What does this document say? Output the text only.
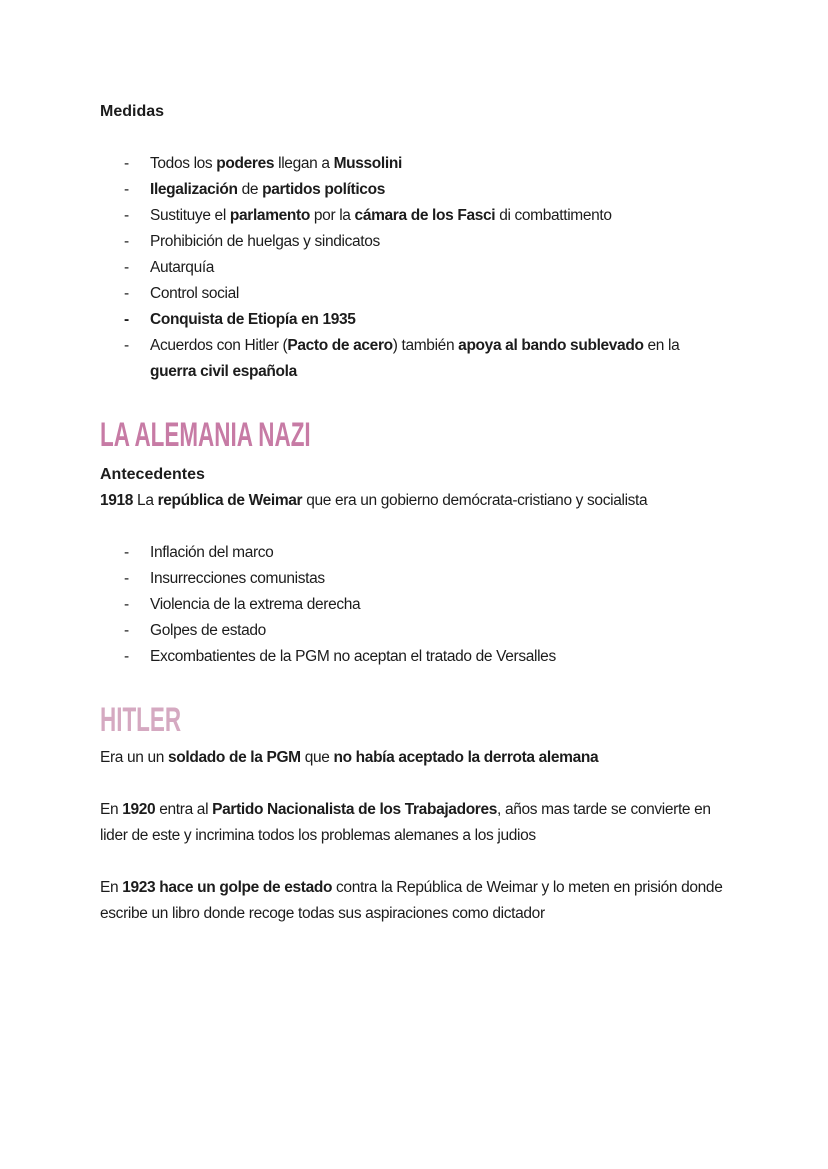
Medidas
- Todos los poderes llegan a Mussolini
- Ilegalización de partidos políticos
- Sustituye el parlamento por la cámara de los Fasci di combattimento
- Prohibición de huelgas y sindicatos
- Autarquía
- Control social
- Conquista de Etiopía en 1935
- Acuerdos con Hitler (Pacto de acero) también apoya al bando sublevado en la guerra civil española
LA ALEMANIA NAZI
Antecedentes

1918 La república de Weimar que era un gobierno demócrata-cristiano y socialista

- Inflación del marco
- Insurrecciones comunistas
- Violencia de la extrema derecha
- Golpes de estado
- Excombatientes de la PGM no aceptan el tratado de Versalles
HITLER

Era un un soldado de la PGM que no había aceptado la derrota alemana

En 1920 entra al Partido Nacionalista de los Trabajadores, años mas tarde se convierte en lider de este y incrimina todos los problemas alemanes a los judios

En 1923 hace un golpe de estado contra la República de Weimar y lo meten en prisión donde escribe un libro donde recoge todas sus aspiraciones como dictador
